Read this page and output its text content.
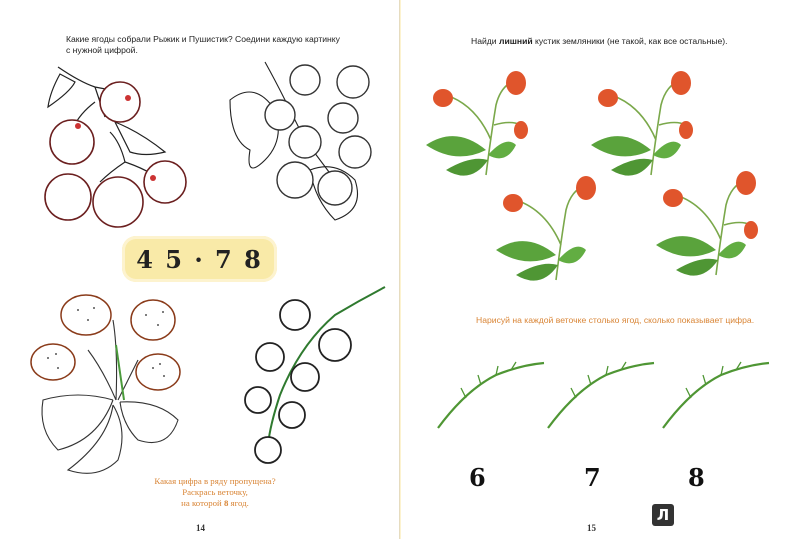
Какие ягоды собрали Рыжик и Пушистик? Соедини каждую картинку с нужной цифрой.
4 5 · 7 8
Какая цифра в ряду пропущена?
Раскрась веточку,
на которой 8 ягод.
14
Найди лишний кустик земляники (не такой, как все остальные).
Нарисуй на каждой веточке столько ягод, сколько показывает цифра.
6	7	8
15
Л
